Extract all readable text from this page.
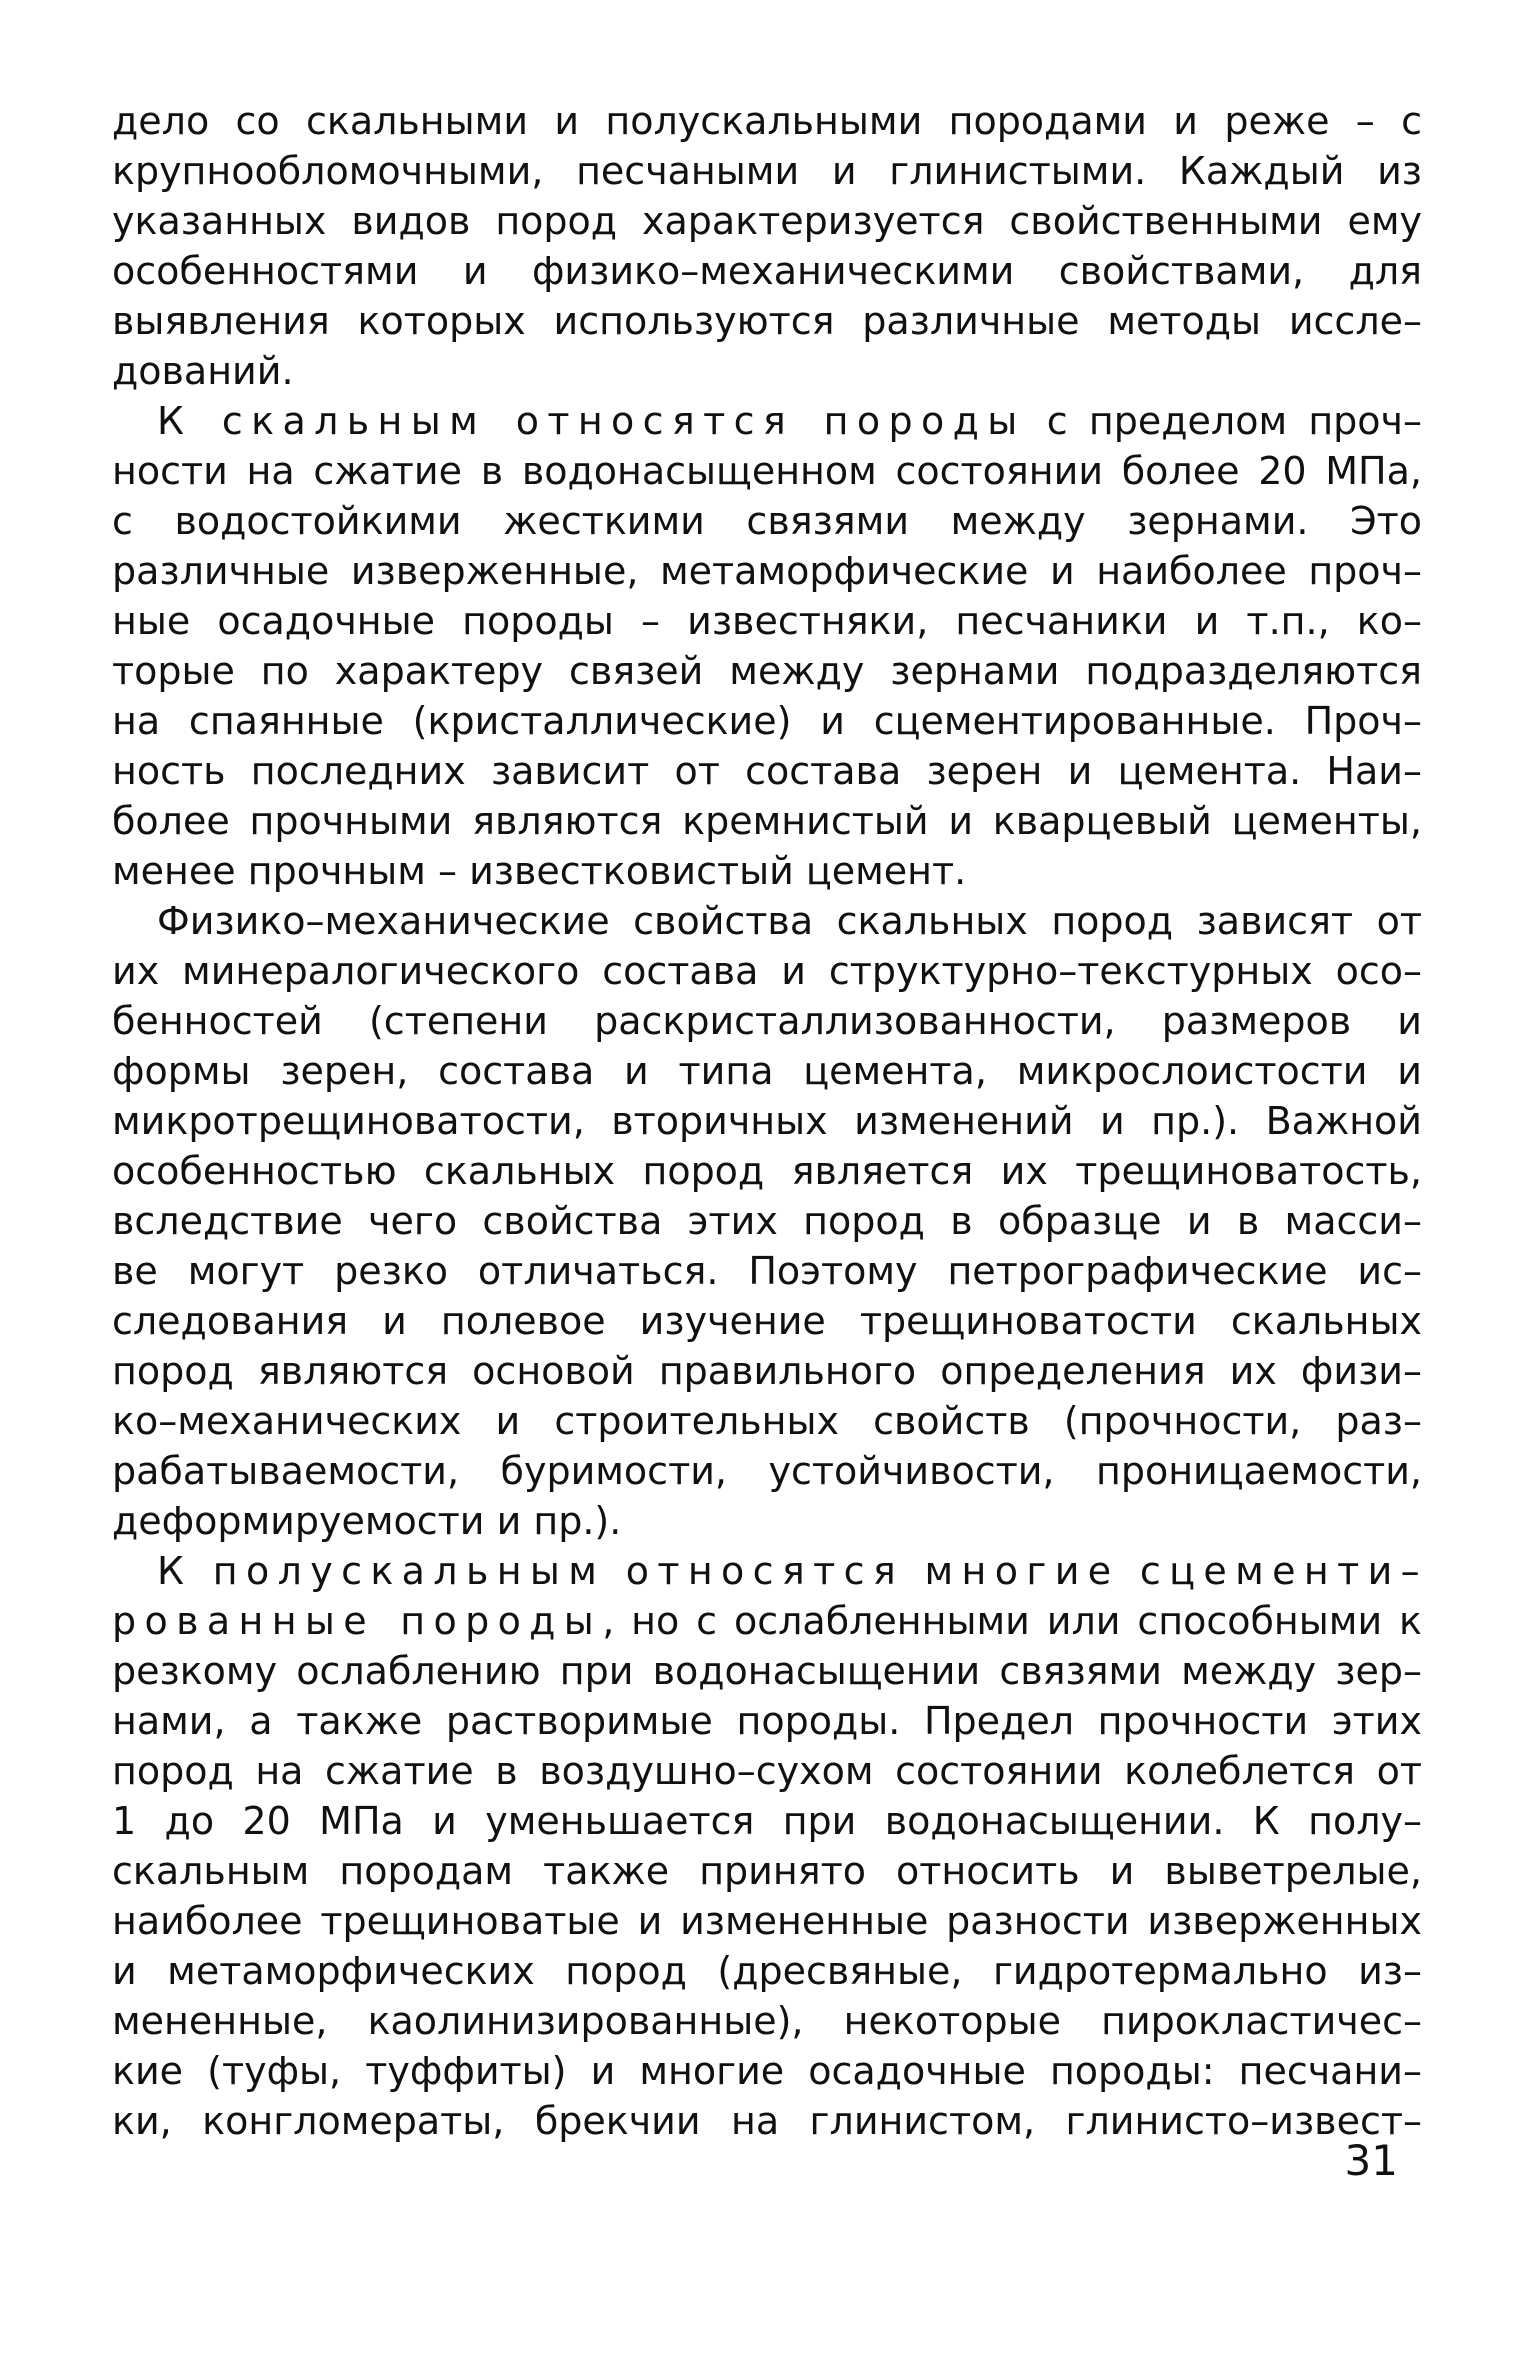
дело со скальными и полускальными породами и реже – с
крупнообломочными, песчаными и глинистыми. Каждый из
указанных видов пород характеризуется свойственными ему
особенностями и физико–механическими свойствами, для
выявления которых используются различные методы иссле–
дований.
К скальным относятся породы с пределом проч–
ности на сжатие в водонасыщенном состоянии более 20 МПа,
с водостойкими жесткими связями между зернами. Это
различные изверженные, метаморфические и наиболее проч–
ные осадочные породы – известняки, песчаники и т.п., ко–
торые по характеру связей между зернами подразделяются
на спаянные (кристаллические) и сцементированные. Проч–
ность последних зависит от состава зерен и цемента. Наи–
более прочными являются кремнистый и кварцевый цементы,
менее прочным – известковистый цемент.
Физико–механические свойства скальных пород зависят от
их минералогического состава и структурно–текстурных осо–
бенностей (степени раскристаллизованности, размеров и
формы зерен, состава и типа цемента, микрослоистости и
микротрещиноватости, вторичных изменений и пр.). Важной
особенностью скальных пород является их трещиноватость,
вследствие чего свойства этих пород в образце и в масси–
ве могут резко отличаться. Поэтому петрографические ис–
следования и полевое изучение трещиноватости скальных
пород являются основой правильного определения их физи–
ко–механических и строительных свойств (прочности, раз–
рабатываемости, буримости, устойчивости, проницаемости,
деформируемости и пр.).
К полускальным относятся многие сцементи–
рованные породы, но с ослабленными или способными к
резкому ослаблению при водонасыщении связями между зер–
нами, а также растворимые породы. Предел прочности этих
пород на сжатие в воздушно–сухом состоянии колеблется от
1 до 20 МПа и уменьшается при водонасыщении. К полу–
скальным породам также принято относить и выветрелые,
наиболее трещиноватые и измененные разности изверженных
и метаморфических пород (дресвяные, гидротермально из–
мененные, каолинизированные), некоторые пирокластичес–
кие (туфы, туффиты) и многие осадочные породы: песчани–
ки, конгломераты, брекчии на глинистом, глинисто–извест–
31
